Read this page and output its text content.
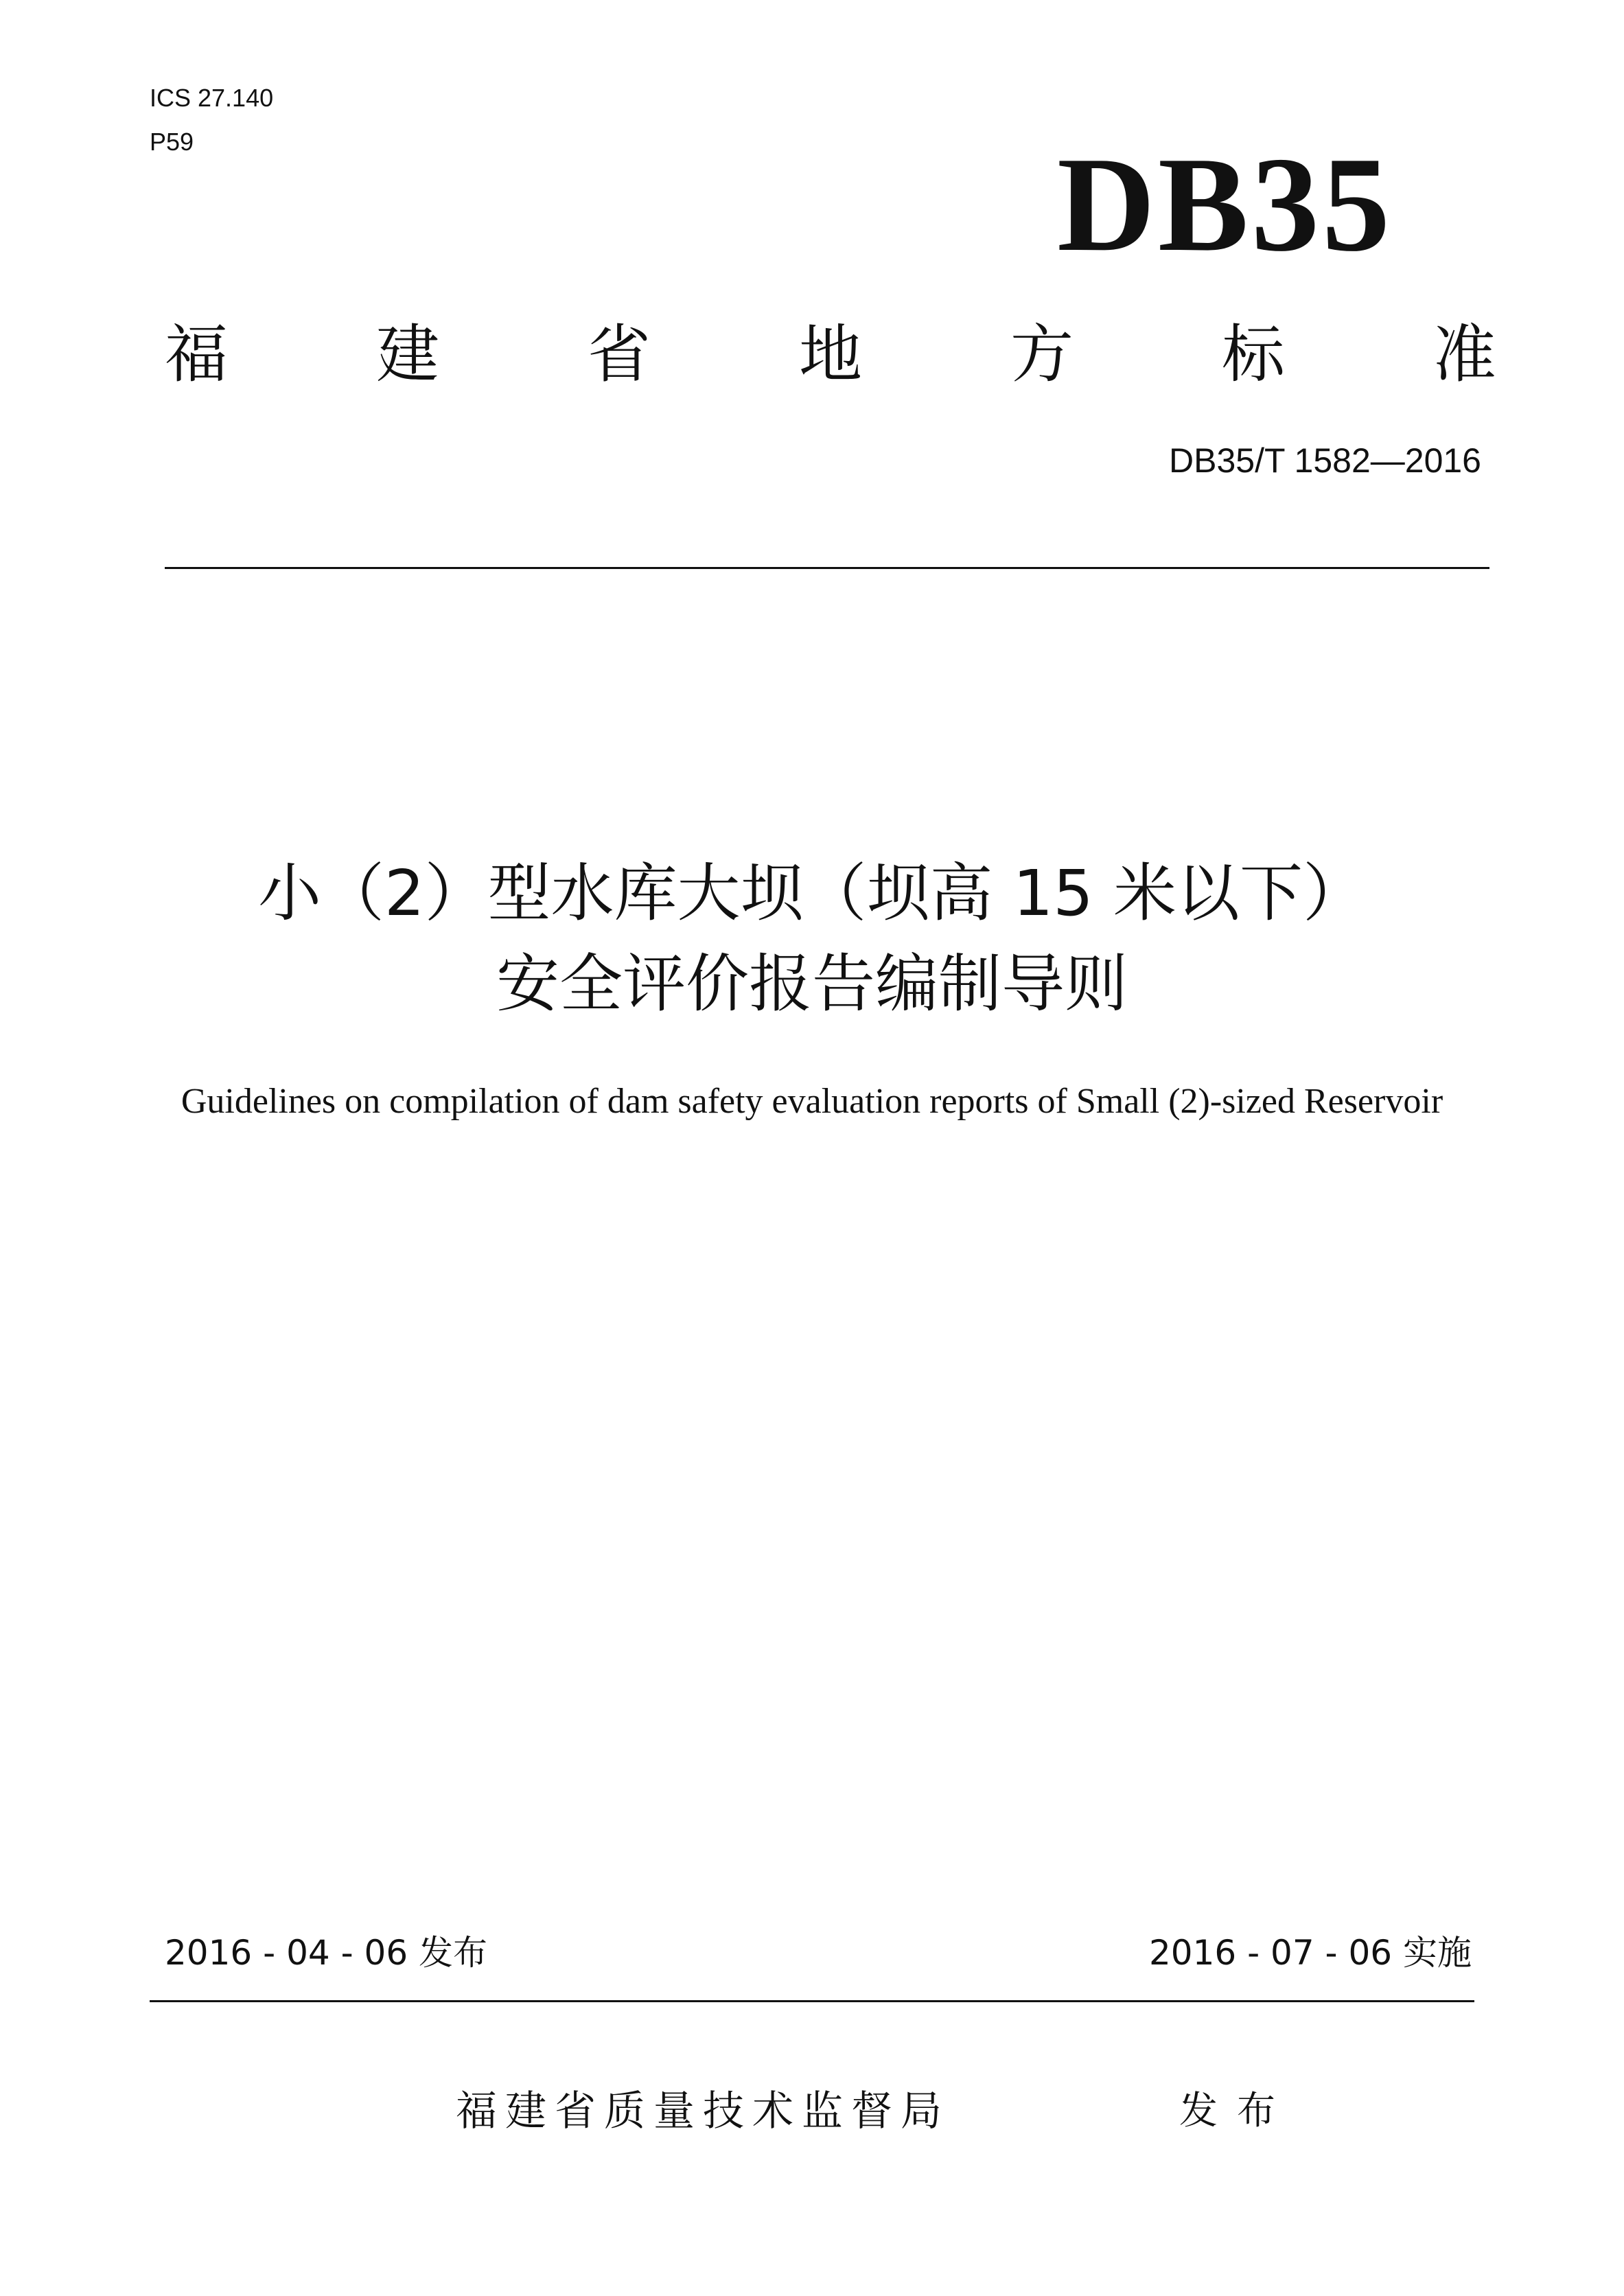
ICS 27.140
P59	DB35
福 建 省 地 方 标 准
DB35/T 1582—2016
小（2）型水库大坝（坝高 15 米以下）
安全评价报告编制导则
Guidelines on compilation of dam safety evaluation reports of Small (2)-sized Reservoir
2016 - 04 - 06 发布	2016 - 07 - 06 实施
福建省质量技术监督局	发布
